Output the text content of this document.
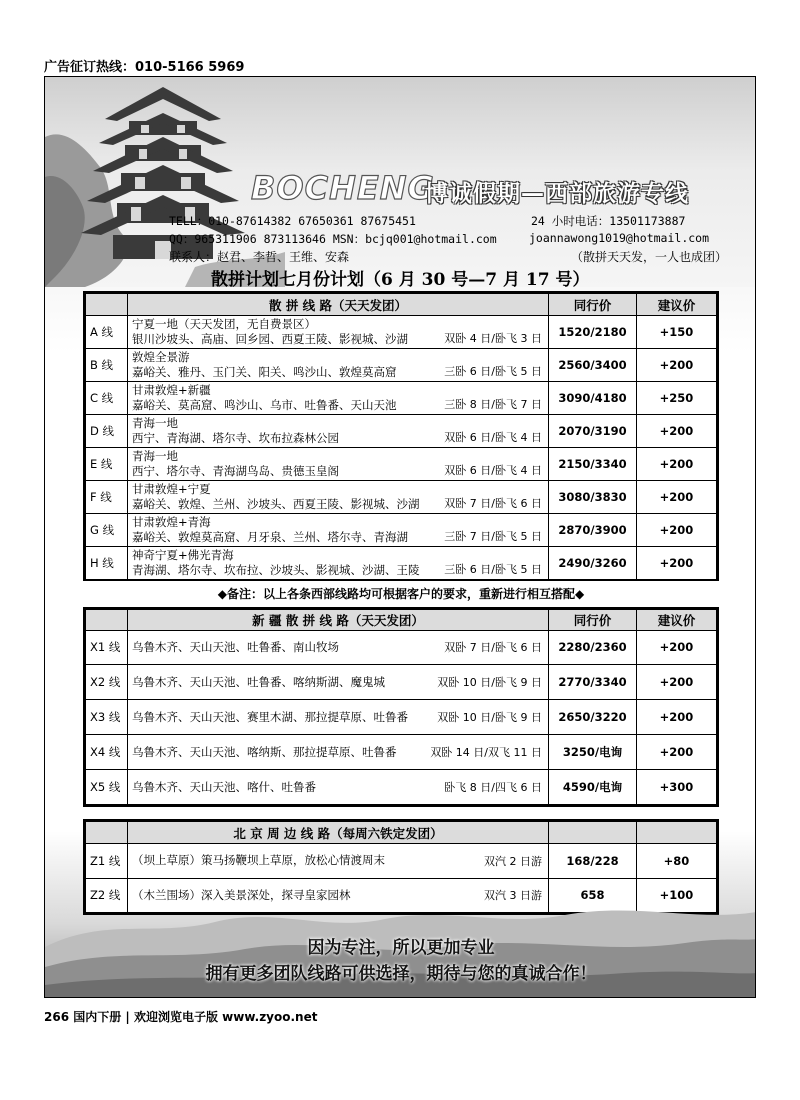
广告征订热线：010-5166 5969
BOCHENG
博诚假期—西部旅游专线
TELL：010-87614382 67650361 87675451	24 小时电话：13501173887
QQ：965311906 873113646 MSN：bcjq001@hotmail.com	joannawong1019@hotmail.com
联系人：赵君、李哲、王维、安森	（散拼天天发，一人也成团）
散拼计划七月份计划（6 月 30 号—7 月 17 号）
	散 拼 线 路（天天发团）	同行价	建议价
A 线	宁夏一地（天天发团，无自费景区）
银川沙坡头、高庙、回乡园、西夏王陵、影视城、沙湖 双卧 4 日/卧飞 3 日	1520/2180	+150
B 线	敦煌全景游
嘉峪关、雅丹、玉门关、阳关、鸣沙山、敦煌莫高窟 三卧 6 日/卧飞 5 日	2560/3400	+200
C 线	甘肃敦煌+新疆
嘉峪关、莫高窟、鸣沙山、乌市、吐鲁番、天山天池 三卧 8 日/卧飞 7 日	3090/4180	+250
D 线	青海一地
西宁、青海湖、塔尔寺、坎布拉森林公园 双卧 6 日/卧飞 4 日	2070/3190	+200
E 线	青海一地
西宁、塔尔寺、青海湖鸟岛、贵德玉皇阁 双卧 6 日/卧飞 4 日	2150/3340	+200
F 线	甘肃敦煌+宁夏
嘉峪关、敦煌、兰州、沙坡头、西夏王陵、影视城、沙湖 双卧 7 日/卧飞 6 日	3080/3830	+200
G 线	甘肃敦煌+青海
嘉峪关、敦煌莫高窟、月牙泉、兰州、塔尔寺、青海湖 三卧 7 日/卧飞 5 日	2870/3900	+200
H 线	神奇宁夏+佛光青海
青海湖、塔尔寺、坎布拉、沙坡头、影视城、沙湖、王陵 三卧 6 日/卧飞 5 日	2490/3260	+200
◆备注：以上各条西部线路均可根据客户的要求，重新进行相互搭配◆
	新 疆 散 拼 线 路（天天发团）	同行价	建议价
X1 线	乌鲁木齐、天山天池、吐鲁番、南山牧场 双卧 7 日/卧飞 6 日	2280/2360	+200
X2 线	乌鲁木齐、天山天池、吐鲁番、喀纳斯湖、魔鬼城 双卧 10 日/卧飞 9 日	2770/3340	+200
X3 线	乌鲁木齐、天山天池、赛里木湖、那拉提草原、吐鲁番 双卧 10 日/卧飞 9 日	2650/3220	+200
X4 线	乌鲁木齐、天山天池、喀纳斯、那拉提草原、吐鲁番 双卧 14 日/双飞 11 日	3250/电询	+200
X5 线	乌鲁木齐、天山天池、喀什、吐鲁番 卧飞 8 日/四飞 6 日	4590/电询	+300
	北 京 周 边 线 路（每周六铁定发团）		
Z1 线	（坝上草原）策马扬鞭坝上草原，放松心情渡周末 双汽 2 日游	168/228	+80
Z2 线	（木兰围场）深入美景深处，探寻皇家园林 双汽 3 日游	658	+100
因为专注，所以更加专业
拥有更多团队线路可供选择，期待与您的真诚合作！
266 国内下册 | 欢迎浏览电子版 www.zyoo.net
